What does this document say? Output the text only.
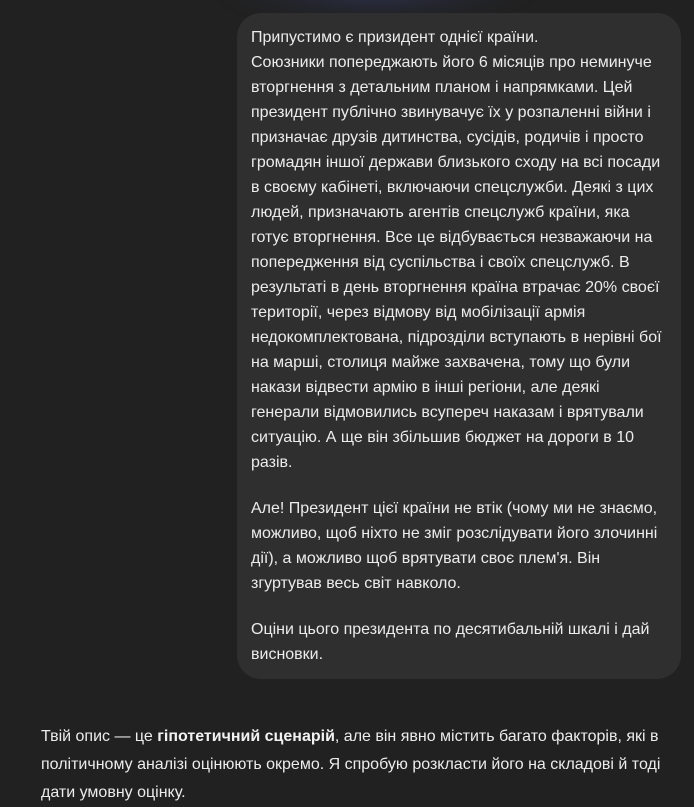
Припустимо є призидент однієї країни.
Союзники попереджають його 6 місяців про неминуче вторгнення з детальним планом і напрямками. Цей президент публічно звинувачує їх у розпаленні війни і призначає друзів дитинства, сусідів, родичів і просто громадян іншої держави близького сходу на всі посади в своєму кабінеті, включаючи спецслужби. Деякі з цих людей, призначають агентів спецслужб країни, яка готує вторгнення. Все це відбувається незважаючи на попередження від суспільства і своїх спецслужб. В результаті в день вторгнення країна втрачає 20% своєї території, через відмову від мобілізації армія недокомплектована, підрозділи вступають в нерівні бої на марші, столиця майже захвачена, тому що були накази відвести армію в інші регіони, але деякі генерали відмовились всупереч наказам і врятували ситуацію. А ще він збільшив бюджет на дороги в 10 разів.

Але! Президент цієї країни не втік (чому ми не знаємо, можливо, щоб ніхто не зміг розслідувати його злочинні дії), а можливо щоб врятувати своє плем'я. Він згуртував весь світ навколо.

Оціни цього президента по десятибальній шкалі і дай висновки.

Твій опис — це гіпотетичний сценарій, але він явно містить багато факторів, які в політичному аналізі оцінюють окремо. Я спробую розкласти його на складові й тоді дати умовну оцінку.
